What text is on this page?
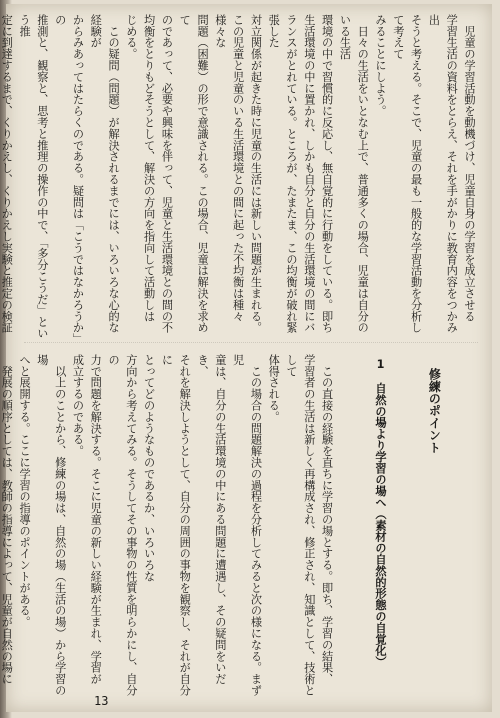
　児童の学習活動を動機づけ、児童自身の学習を成立させる
学習生活の資料をとらえ、それを手がかりに教育内容をつかみ出
そうと考える。そこで、児童の最も一般的な学習活動を分析して考えて
みることにしよう。
　日々の生活をいとなむ上で、普通多くの場合、児童は自分のいる生活
環境の中で習慣的に反応し、無自覚的に行動をしている。即ち
生活環境の中に置かれ、しかも自分と自分の生活環境の間にバ
ランスがとれている。ところが、たまたま、この均衡が破れ緊張した
対立関係が起きた時に児童の生活には新しい問題が生まれる。
この児童と児童のいる生活環境との間に起った不均衡は種々様々な
問題（困難）の形で意識される。この場合、児童は解決を求めて
のであって、必要や興味を伴って、児童と生活環境との間の不
均衡をとりもどそうとして、解決の方向を指向して活動しは
じめる。
　この疑問（問題）が解決されるまでには、いろいろな心的な経験が
からみあってはたらくのである。疑問は「こうではなかろうか」の
推測と、観察と、思考と推理の操作の中で、「多分こうだ」という推
定に到達するまで、くりかえし、くりかえし実験と推定の検証

修練のポイント

1　自然の場より学習の場へ（素材の自然的形態の自覚化）

　この直接の経験を直ちに学習の場とする。即ち、学習の結果、
学習者の生活は新しく再構成され、修正され、知識として、技術として
体得される。
　この場合の問題解決の過程を分析してみると次の様になる。まず児
童は、自分の生活環境の中にある問題に遭遇し、その疑問をいだき、
それを解決しようとして、自分の周囲の事物を観察し、それが自分に
とってどのようなものであるか、いろいろな
方向から考えてみる。そうしてその事物の性質を明らかにし、自分の
力で問題を解決する。そこに児童の新しい経験が生まれ、学習が
成立するのである。
　以上のことから、修練の場は、自然の場（生活の場）から学習の場
へと展開する。ここに学習の指導のポイントがある。
　発展の順序としては、教師の指導によって、児童が自然の場に
13
